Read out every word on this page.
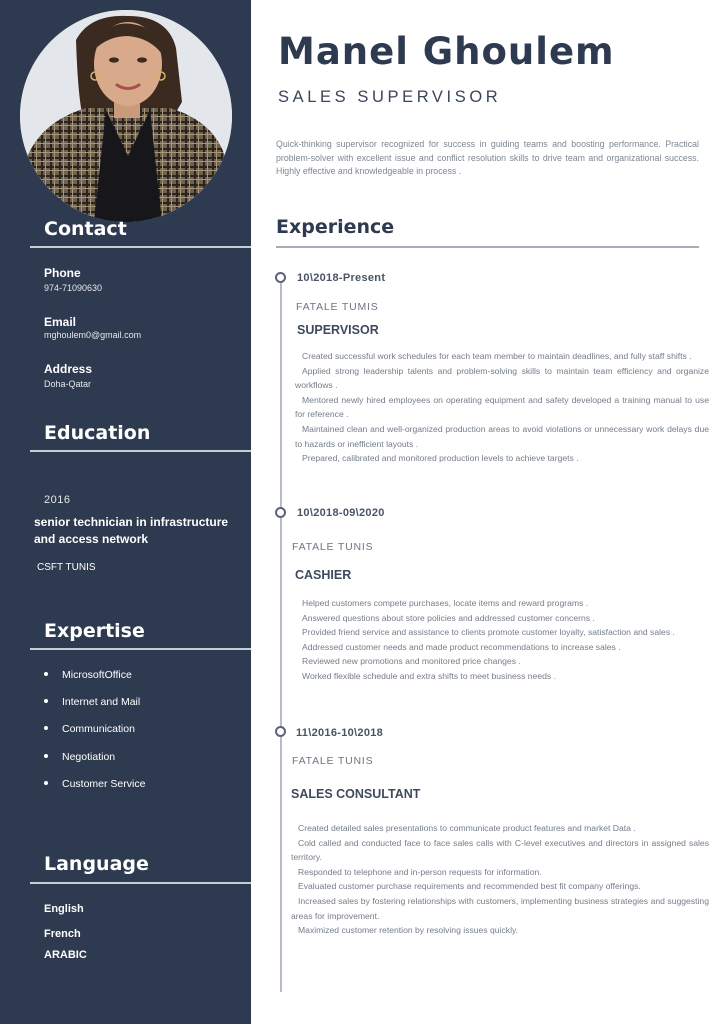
Contact
Phone
974-71090630
Email
mghoulem0@gmail.com
Address
Doha-Qatar
Education
2016
senior technician in infrastructure and access network
CSFT TUNIS
Expertise
MicrosoftOffice
Internet and Mail
Communication
Negotiation
Customer Service
Language
English
French
ARABIC
Manel Ghoulem
SALES SUPERVISOR

Quick-thinking supervisor recognized for success in guiding teams and boosting performance. Practical problem-solver with excellent issue and conflict resolution skills to drive team and organizational success. Highly effective and knowledgeable in process .

Experience
10\2018-Present
FATALE TUMIS
SUPERVISOR
Created successful work schedules for each team member to maintain deadlines, and fully staff shifts .
Applied strong leadership talents and problem-solving skills to maintain team efficiency and organize workflows .
Mentored newly hired employees on operating equipment and safety developed a training manual to use for reference .
Maintained clean and well-organized production areas to avoid violations or unnecessary work delays due to hazards or inefficient layouts .
Prepared, calibrated and monitored production levels to achieve targets .
10\2018-09\2020
FATALE TUNIS
CASHIER
Helped customers compete purchases, locate items and reward programs .
Answered questions about store policies and addressed customer concerns .
Provided friend service and assistance to clients promote customer loyalty, satisfaction and sales .
Addressed customer needs and made product recommendations to increase sales .
Reviewed new promotions and monitored price changes .
Worked flexible schedule and extra shifts to meet business needs .
11\2016-10\2018
FATALE TUNIS
SALES CONSULTANT
Created detailed sales presentations to communicate product features and market Data .
Cold called and conducted face to face sales calls with C-level executives and directors in assigned sales territory.
Responded to telephone and in-person requests for information.
Evaluated customer purchase requirements and recommended best fit company offerings.
Increased sales by fostering relationships with customers, implementing business strategies and suggesting areas for improvement.
Maximized customer retention by resolving issues quickly.
